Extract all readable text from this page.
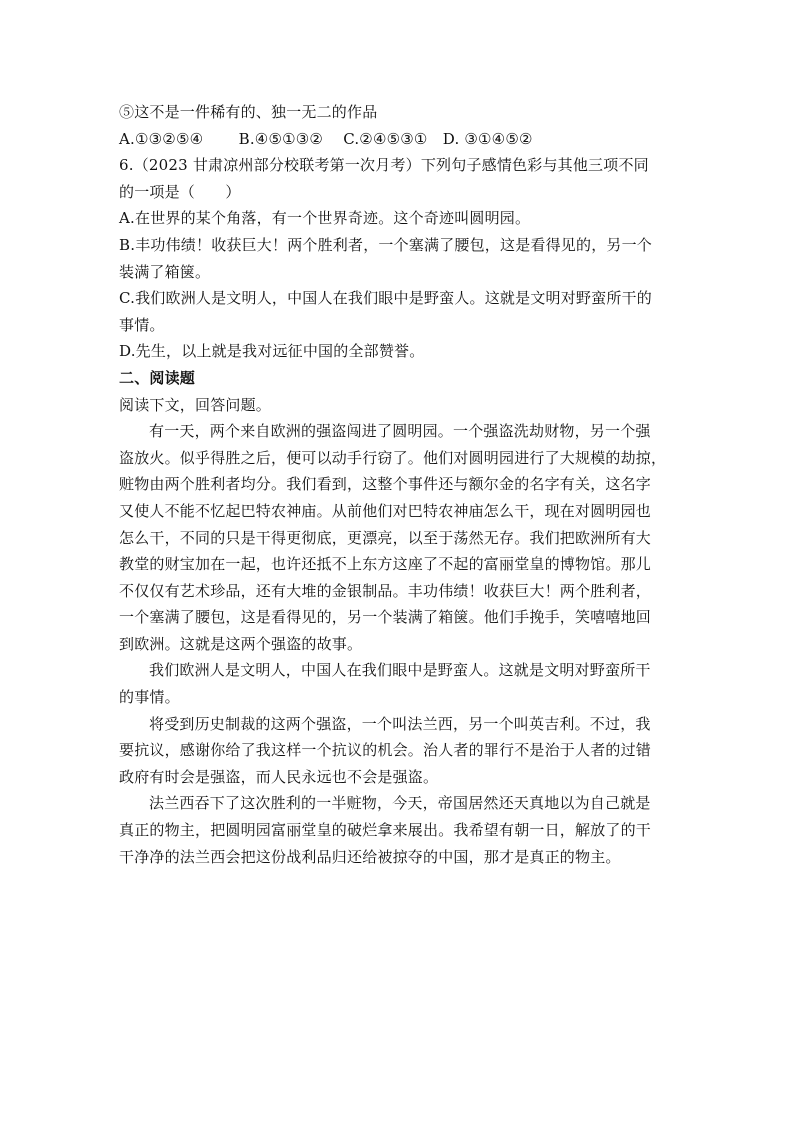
⑤这不是一件稀有的、独一无二的作品
A.①③②⑤④　　 B.④⑤①③②　 C.②④⑤③①　D. ③①④⑤②
6.（2023 甘肃凉州部分校联考第一次月考）下列句子感情色彩与其他三项不同
的一项是（　　）
A.在世界的某个角落，有一个世界奇迹。这个奇迹叫圆明园。
B.丰功伟绩！收获巨大！两个胜利者，一个塞满了腰包，这是看得见的，另一个
装满了箱箧。
C.我们欧洲人是文明人，中国人在我们眼中是野蛮人。这就是文明对野蛮所干的
事情。
D.先生，以上就是我对远征中国的全部赞誉。
二、阅读题
阅读下文，回答问题。
有一天，两个来自欧洲的强盗闯进了圆明园。一个强盗洗劫财物，另一个强
盗放火。似乎得胜之后，便可以动手行窃了。他们对圆明园进行了大规模的劫掠，
赃物由两个胜利者均分。我们看到，这整个事件还与额尔金的名字有关，这名字
又使人不能不忆起巴特农神庙。从前他们对巴特农神庙怎么干，现在对圆明园也
怎么干，不同的只是干得更彻底，更漂亮，以至于荡然无存。我们把欧洲所有大
教堂的财宝加在一起，也许还抵不上东方这座了不起的富丽堂皇的博物馆。那儿
不仅仅有艺术珍品，还有大堆的金银制品。丰功伟绩！收获巨大！两个胜利者，
一个塞满了腰包，这是看得见的，另一个装满了箱箧。他们手挽手，笑嘻嘻地回
到欧洲。这就是这两个强盗的故事。
我们欧洲人是文明人，中国人在我们眼中是野蛮人。这就是文明对野蛮所干
的事情。
将受到历史制裁的这两个强盗，一个叫法兰西，另一个叫英吉利。不过，我
要抗议，感谢你给了我这样一个抗议的机会。治人者的罪行不是治于人者的过错
政府有时会是强盗，而人民永远也不会是强盗。
法兰西吞下了这次胜利的一半赃物，今天，帝国居然还天真地以为自己就是
真正的物主，把圆明园富丽堂皇的破烂拿来展出。我希望有朝一日，解放了的干
干净净的法兰西会把这份战利品归还给被掠夺的中国，那才是真正的物主。
